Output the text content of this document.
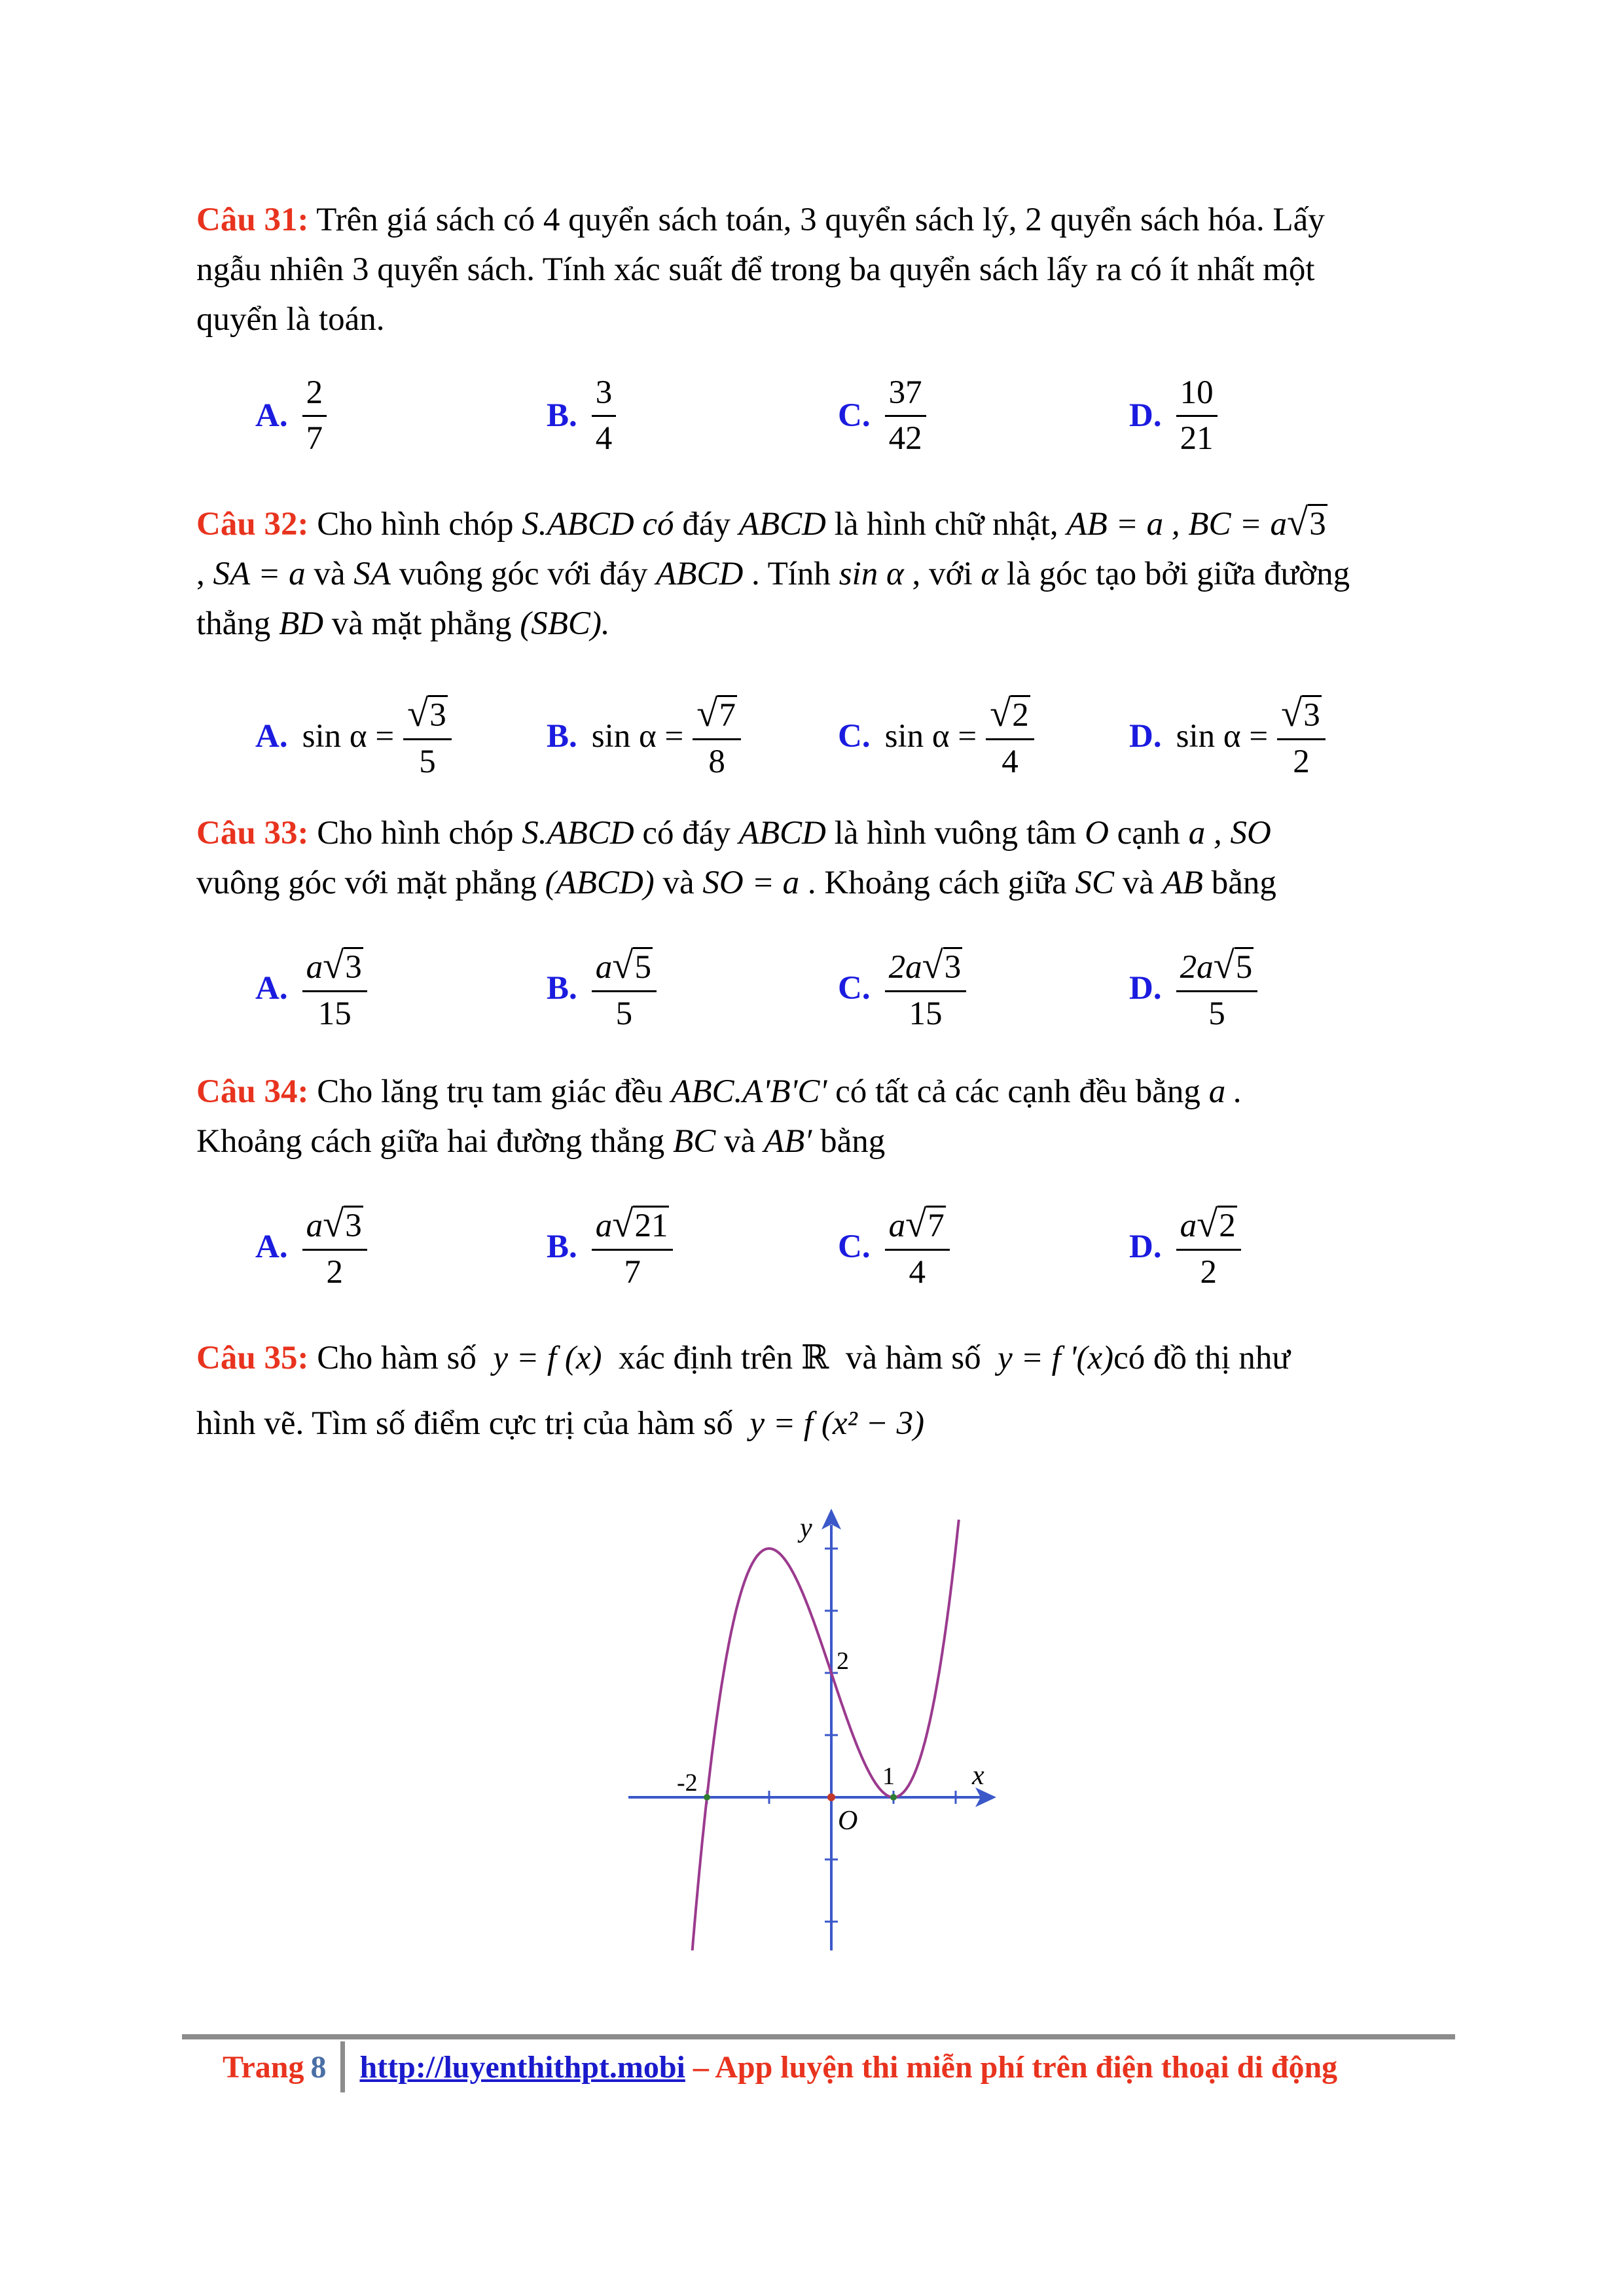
Câu 31: Trên giá sách có 4 quyển sách toán, 3 quyển sách lý, 2 quyển sách hóa. Lấy
ngẫu nhiên 3 quyển sách. Tính xác suất để trong ba quyển sách lấy ra có ít nhất một
quyển là toán.
A. $\frac{2}{7}$	B. $\frac{3}{4}$	C. $\frac{37}{42}$	D. $\frac{10}{21}$
Câu 32: Cho hình chóp S.ABCD có đáy ABCD là hình chữ nhật, AB = a , BC = a√3
, SA = a và SA vuông góc với đáy ABCD . Tính sin α , với α là góc tạo bởi giữa đường
thẳng BD và mặt phẳng (SBC).
A. $\sin \alpha = \frac{√3}{5}$	B. $\sin \alpha = \frac{√7}{8}$	C. $\sin \alpha = \frac{√2}{4}$	D. $\sin \alpha = \frac{√3}{2}$
Câu 33: Cho hình chóp S.ABCD có đáy ABCD là hình vuông tâm O cạnh a , SO
vuông góc với mặt phẳng (ABCD) và SO = a . Khoảng cách giữa SC và AB bằng
A. $\frac{a√3}{15}$	B. $\frac{a√5}{5}$	C. $\frac{2a√3}{15}$	D. $\frac{2a√5}{5}$
Câu 34: Cho lăng trụ tam giác đều ABC.A'B'C' có tất cả các cạnh đều bằng a .
Khoảng cách giữa hai đường thẳng BC và AB′ bằng
A. $\frac{a√3}{2}$	B. $\frac{a√21}{7}$	C. $\frac{a√7}{4}$	D. $\frac{a√2}{2}$
Câu 35: Cho hàm số y = f (x) xác định trên ℝ và hàm số y = f '(x)có đồ thị như
hình vẽ. Tìm số điểm cực trị của hàm số y = f (x² − 3)
y
x
O
-2	1
2
Trang 8 http://luyenthithpt.mobi – App luyện thi miễn phí trên điện thoại di động
